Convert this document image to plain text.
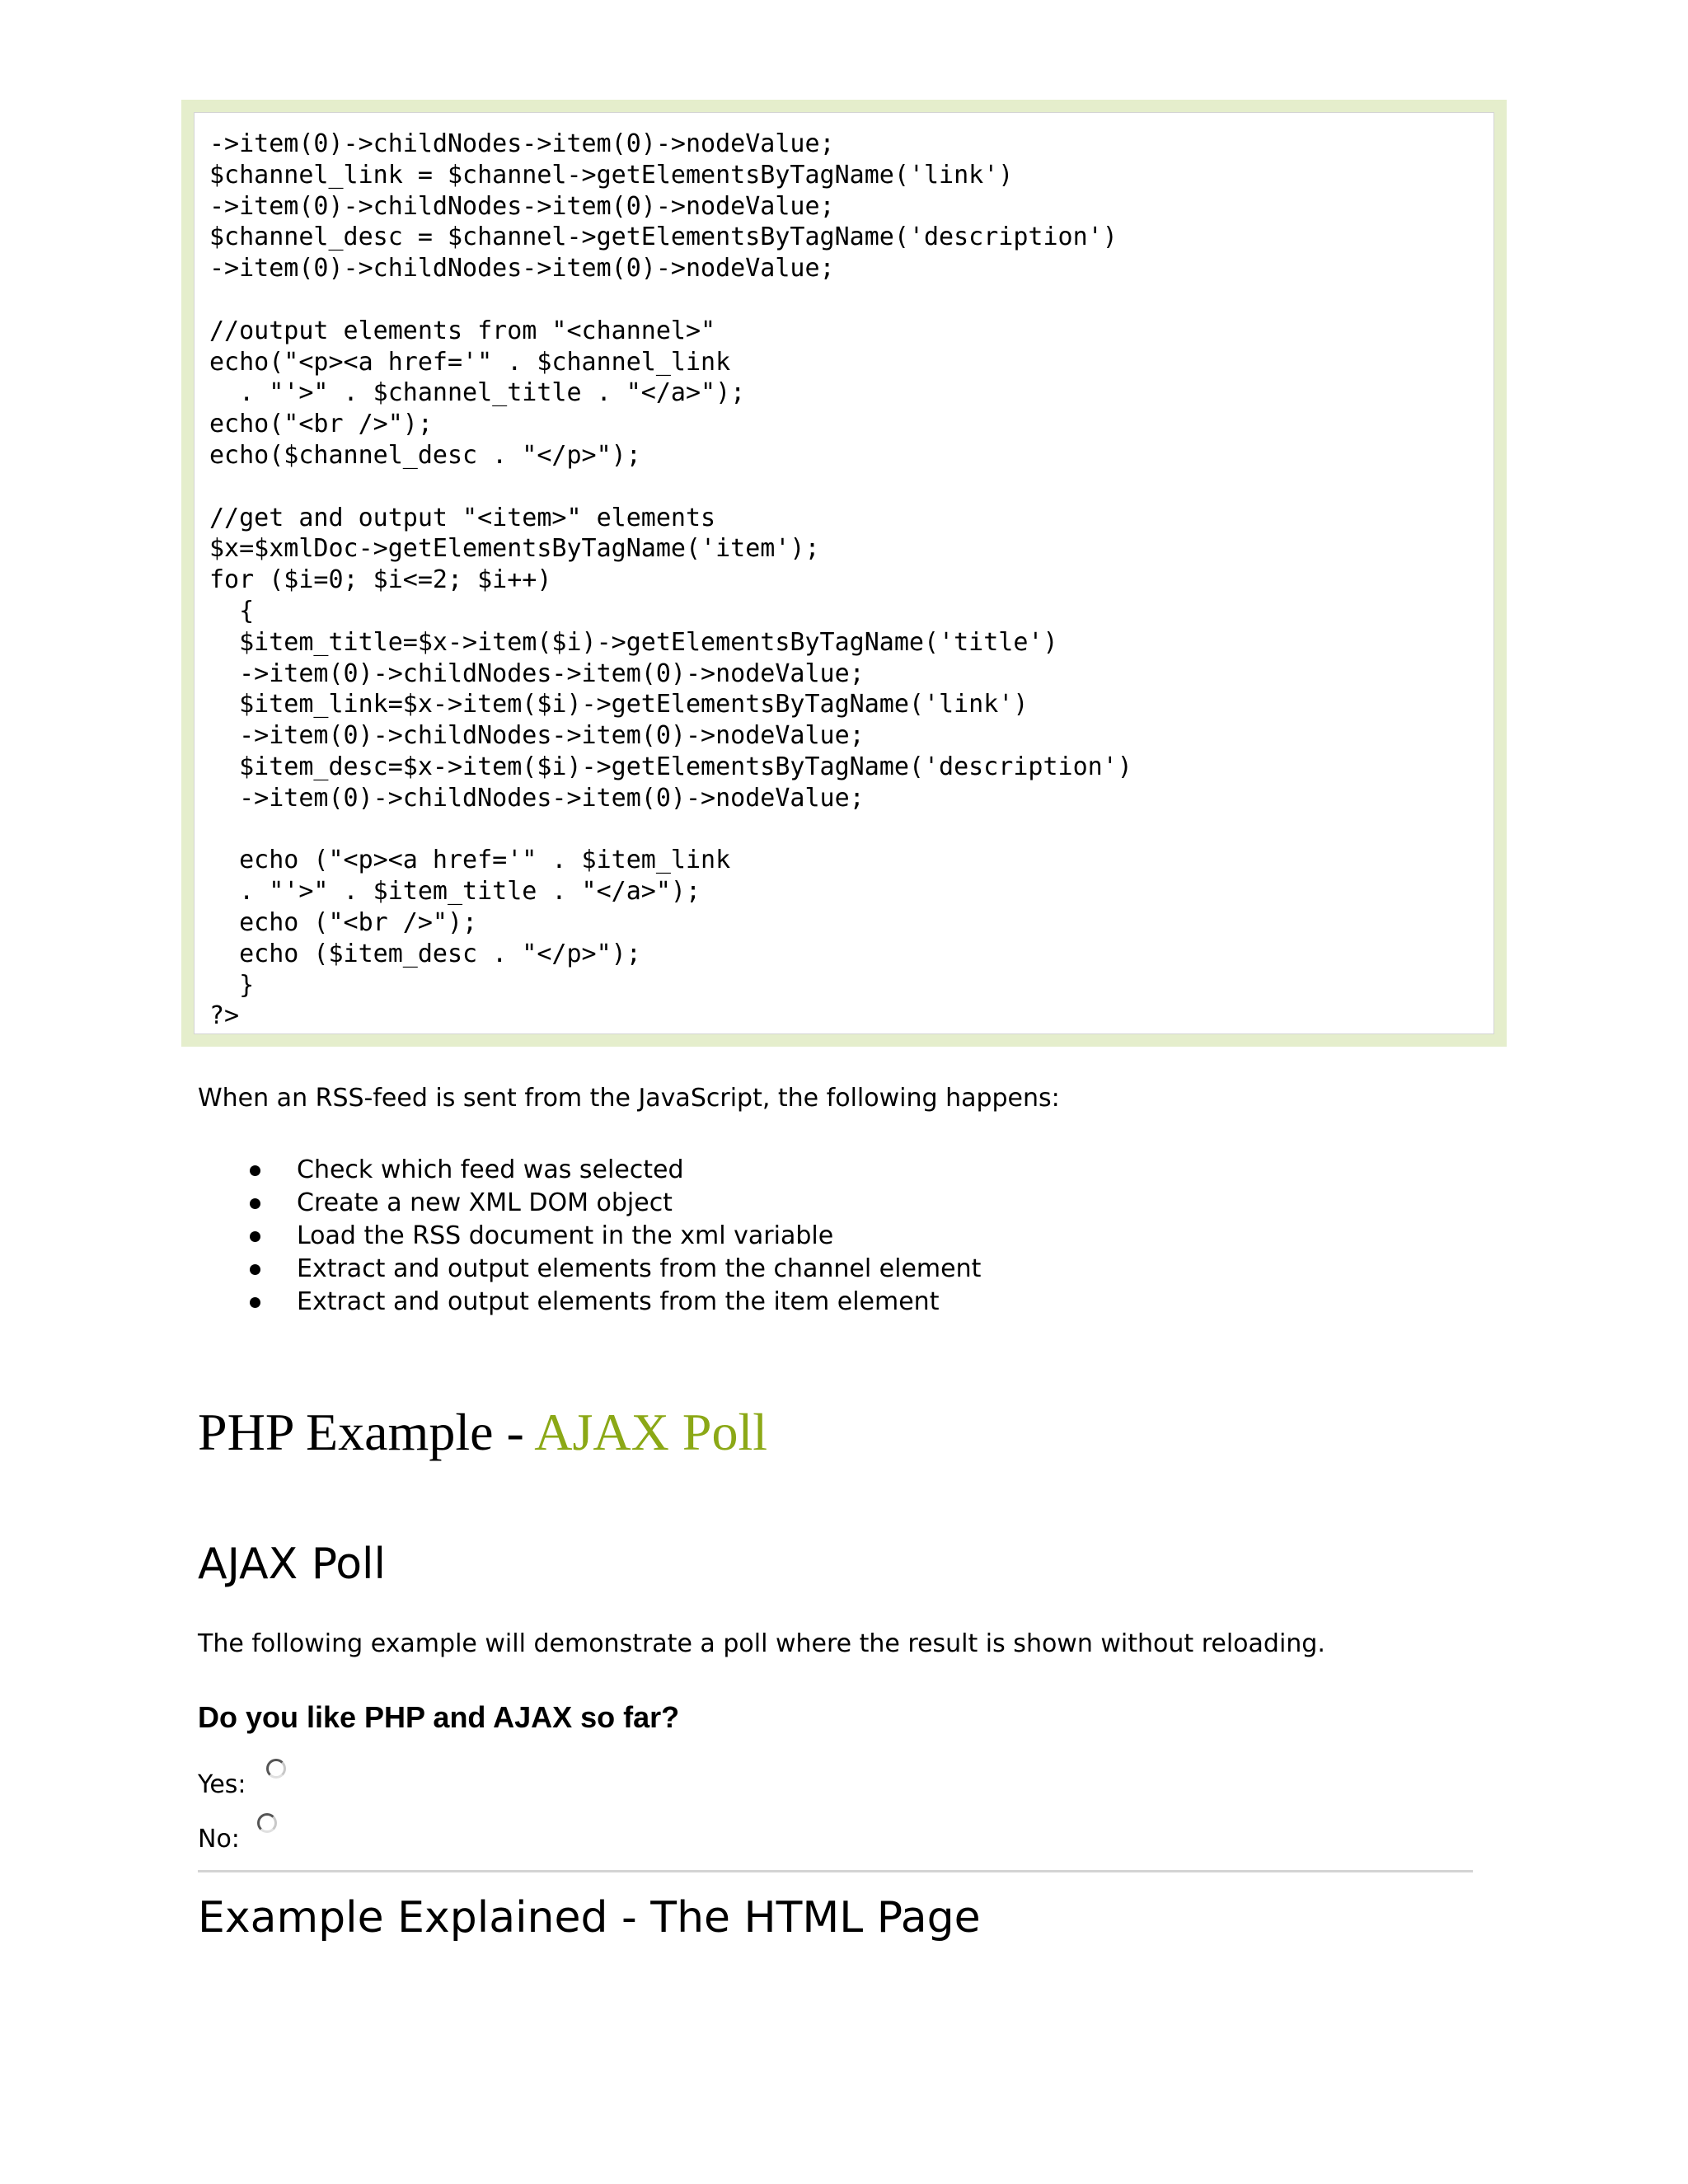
->item(0)->childNodes->item(0)->nodeValue;
$channel_link = $channel->getElementsByTagName('link')
->item(0)->childNodes->item(0)->nodeValue;
$channel_desc = $channel->getElementsByTagName('description')
->item(0)->childNodes->item(0)->nodeValue;
//output elements from "<channel>"
echo("<p><a href='" . $channel_link
. "'>" . $channel_title . "</a>");
echo("<br />");
echo($channel_desc . "</p>");
//get and output "<item>" elements
$x=$xmlDoc->getElementsByTagName('item');
for ($i=0; $i<=2; $i++)
{
$item_title=$x->item($i)->getElementsByTagName('title')
->item(0)->childNodes->item(0)->nodeValue;
$item_link=$x->item($i)->getElementsByTagName('link')
->item(0)->childNodes->item(0)->nodeValue;
$item_desc=$x->item($i)->getElementsByTagName('description')
->item(0)->childNodes->item(0)->nodeValue;
echo ("<p><a href='" . $item_link
. "'>" . $item_title . "</a>");
echo ("<br />");
echo ($item_desc . "</p>");
}
?>

When an RSS-feed is sent from the JavaScript, the following happens:

Check which feed was selected
Create a new XML DOM object
Load the RSS document in the xml variable
Extract and output elements from the channel element
Extract and output elements from the item element
PHP Example - AJAX Poll
AJAX Poll

The following example will demonstrate a poll where the result is shown without reloading.

Do you like PHP and AJAX so far?
Yes:
No:
Example Explained - The HTML Page
